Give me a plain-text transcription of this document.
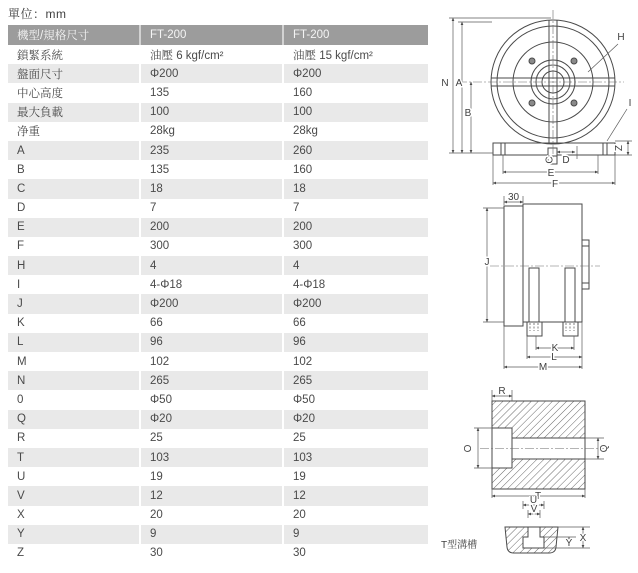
單位：mm
機型/規格尺寸	FT-200	FT-200
鎖緊系統	油壓 6 kgf/cm²	油壓 15 kgf/cm²
盤面尺寸	Φ200	Φ200
中心高度	135	160
最大負載	100	100
净重	28kg	28kg
A	235	260
B	135	160
C	18	18
D	7	7
E	200	200
F	300	300
H	4	4
I	4-Φ18	4-Φ18
J	Φ200	Φ200
K	66	66
L	96	96
M	102	102
N	265	265
0	Φ50	Φ50
Q	Φ20	Φ20
R	25	25
T	103	103
U	19	19
V	12	12
X	20	20
Y	9	9
Z	30	30
N A
B
H
I
Z
C D
E
F
30
J
K
L
M
R
O	Q
T
U
V
X
Y
T型溝槽
